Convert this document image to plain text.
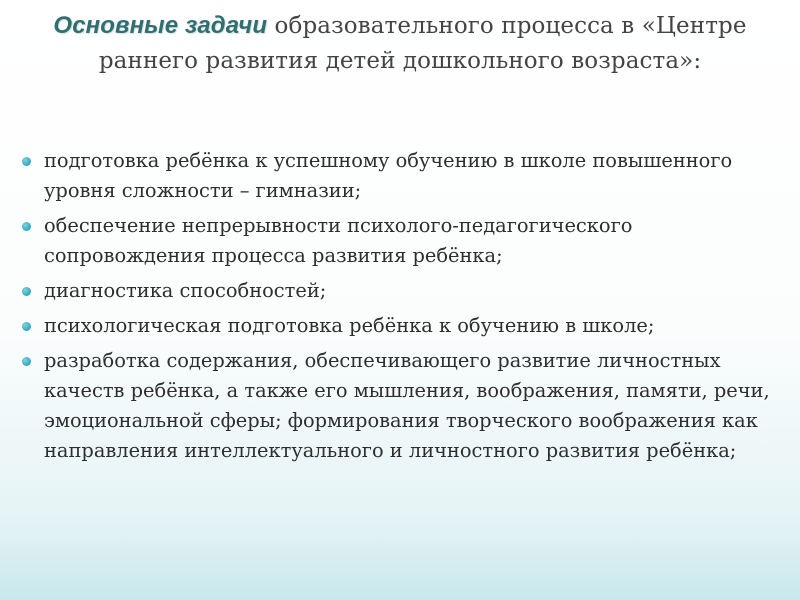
Основные задачи образовательного процесса в «Центре раннего развития детей дошкольного возраста»:
подготовка ребёнка к успешному обучению в школе повышенного уровня сложности – гимназии;
обеспечение непрерывности психолого-педагогического сопровождения процесса развития ребёнка;
диагностика способностей;
психологическая подготовка ребёнка к обучению в школе;
разработка содержания, обеспечивающего развитие личностных качеств ребёнка, а также его мышления, воображения, памяти, речи, эмоциональной сферы; формирования творческого воображения как направления интеллектуального и личностного развития ребёнка;
